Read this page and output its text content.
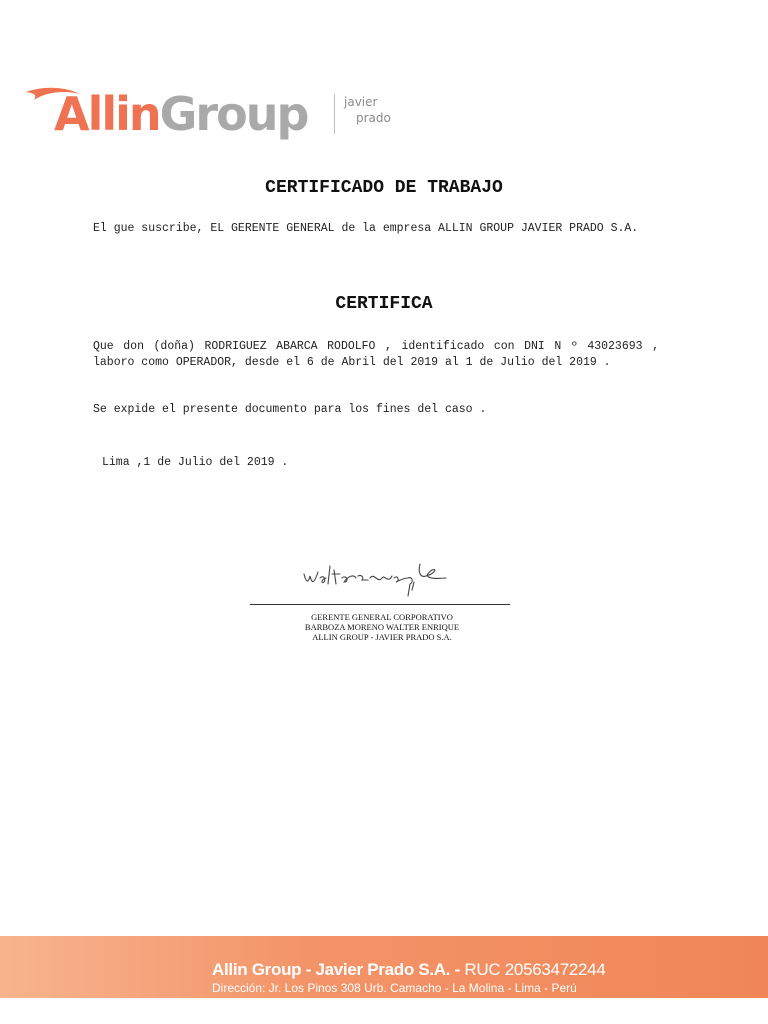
AllinGroup	javier
prado
CERTIFICADO DE TRABAJO
El gue suscribe, EL GERENTE GENERAL de la empresa ALLIN GROUP JAVIER PRADO S.A.
CERTIFICA
Que don (doña) RODRIGUEZ ABARCA RODOLFO , identificado con DNI N º 43023693 , laboro como OPERADOR, desde el 6 de Abril del 2019 al 1 de Julio del 2019 .
Se expide el presente documento para los fines del caso .
Lima ,1 de Julio del 2019 .
GERENTE GENERAL CORPORATIVO
BARBOZA MORENO WALTER ENRIQUE
ALLIN GROUP - JAVIER PRADO S.A.
Allin Group - Javier Prado S.A. - RUC 20563472244
Dirección: Jr. Los Pinos 308 Urb. Camacho - La Molina - Lima - Perú
